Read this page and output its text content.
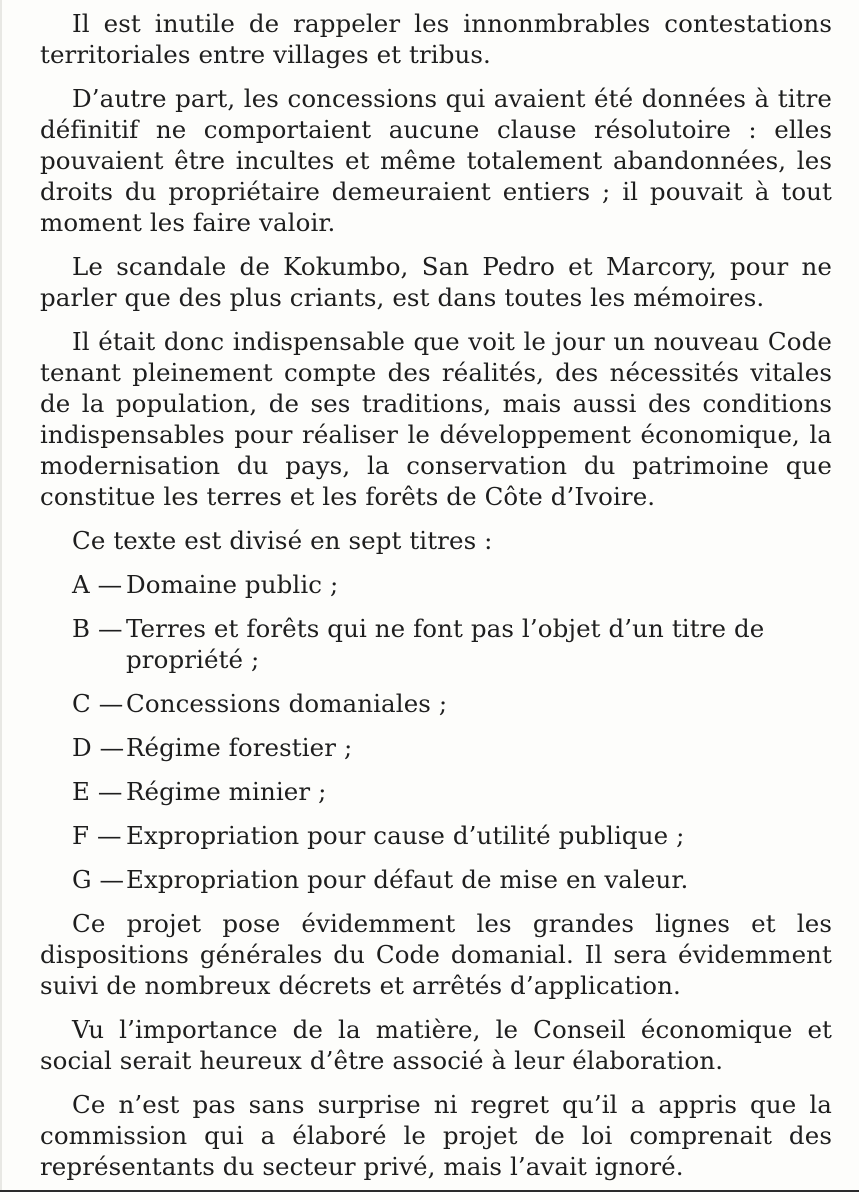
Il est inutile de rappeler les innonmbrables contestations territoriales entre villages et tribus.

D’autre part, les concessions qui avaient été données à titre définitif ne comportaient aucune clause résolutoire : elles pouvaient être incultes et même totalement abandonnées, les droits du propriétaire demeuraient entiers ; il pouvait à tout moment les faire valoir.

Le scandale de Kokumbo, San Pedro et Marcory, pour ne parler que des plus criants, est dans toutes les mémoires.

Il était donc indispensable que voit le jour un nouveau Code tenant pleinement compte des réalités, des nécessités vitales de la population, de ses traditions, mais aussi des conditions indispensables pour réaliser le développement économique, la modernisation du pays, la conservation du patrimoine que constitue les terres et les forêts de Côte d’Ivoire.

Ce texte est divisé en sept titres :

A — Domaine public ;
B — Terres et forêts qui ne font pas l’objet d’un titre de propriété ;
C — Concessions domaniales ;
D — Régime forestier ;
E — Régime minier ;
F — Expropriation pour cause d’utilité publique ;
G — Expropriation pour défaut de mise en valeur.

Ce projet pose évidemment les grandes lignes et les dispositions générales du Code domanial. Il sera évidemment suivi de nombreux décrets et arrêtés d’application.

Vu l’importance de la matière, le Conseil économique et social serait heureux d’être associé à leur élaboration.

Ce n’est pas sans surprise ni regret qu’il a appris que la commission qui a élaboré le projet de loi comprenait des représentants du secteur privé, mais l’avait ignoré.
